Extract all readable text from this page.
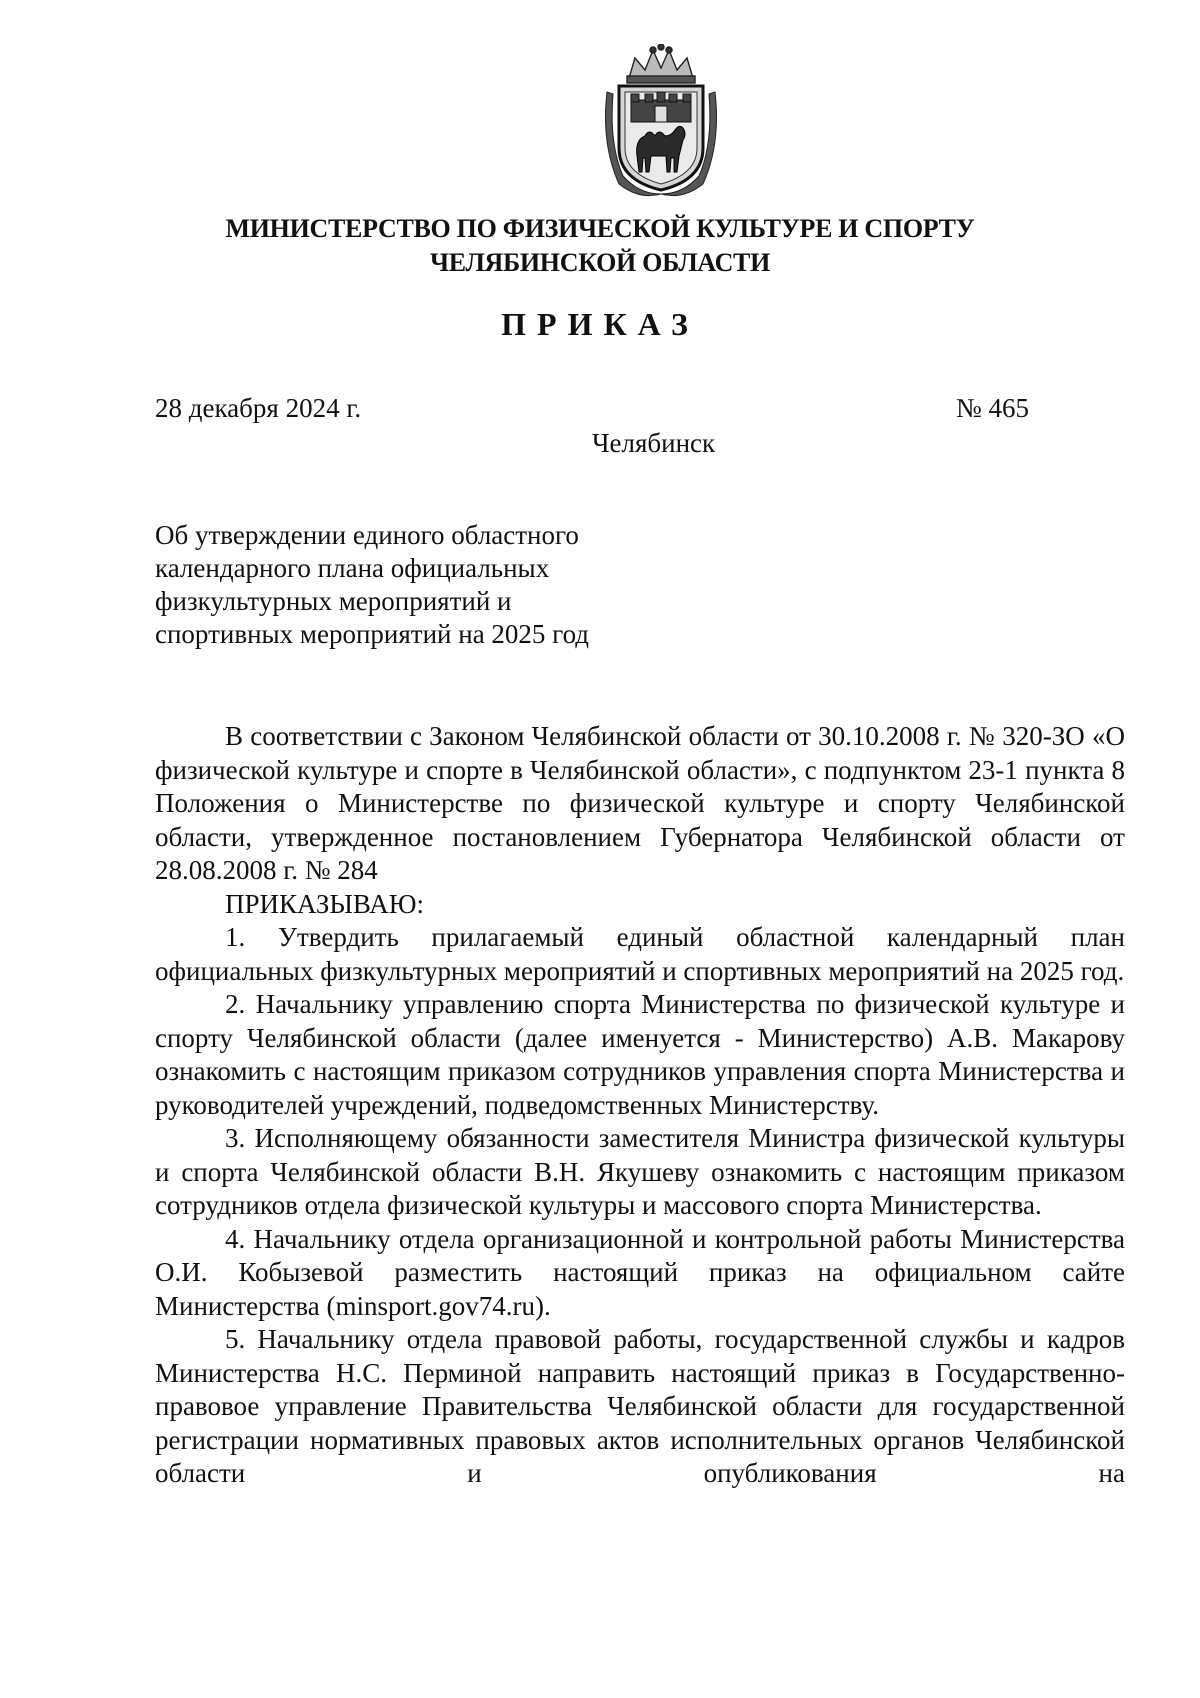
МИНИСТЕРСТВО ПО ФИЗИЧЕСКОЙ КУЛЬТУРЕ И СПОРТУ
ЧЕЛЯБИНСКОЙ ОБЛАСТИ
ПРИКАЗ
28 декабря 2024 г.	№ 465
Челябинск
Об утверждении единого областного
календарного плана официальных
физкультурных мероприятий и
спортивных мероприятий на 2025 год

В соответствии с Законом Челябинской области от 30.10.2008 г. № 320-ЗО «О физической культуре и спорте в Челябинской области», с подпунктом 23-1 пункта 8 Положения о Министерстве по физической культуре и спорту Челябинской области, утвержденное постановлением Губернатора Челябинской области от 28.08.2008 г. № 284

ПРИКАЗЫВАЮ:

1. Утвердить прилагаемый единый областной календарный план официальных физкультурных мероприятий и спортивных мероприятий на 2025 год.

2. Начальнику управлению спорта Министерства по физической культуре и спорту Челябинской области (далее именуется - Министерство) А.В. Макарову ознакомить с настоящим приказом сотрудников управления спорта Министерства и руководителей учреждений, подведомственных Министерству.

3. Исполняющему обязанности заместителя Министра физической культуры и спорта Челябинской области В.Н. Якушеву ознакомить с настоящим приказом сотрудников отдела физической культуры и массового спорта Министерства.

4. Начальнику отдела организационной и контрольной работы Министерства О.И. Кобызевой разместить настоящий приказ на официальном сайте Министерства (minsport.gov74.ru).

5. Начальнику отдела правовой работы, государственной службы и кадров Министерства Н.С. Перминой направить настоящий приказ в Государственно-правовое управление Правительства Челябинской области для государственной регистрации нормативных правовых актов исполнительных органов Челябинской области и опубликования на
